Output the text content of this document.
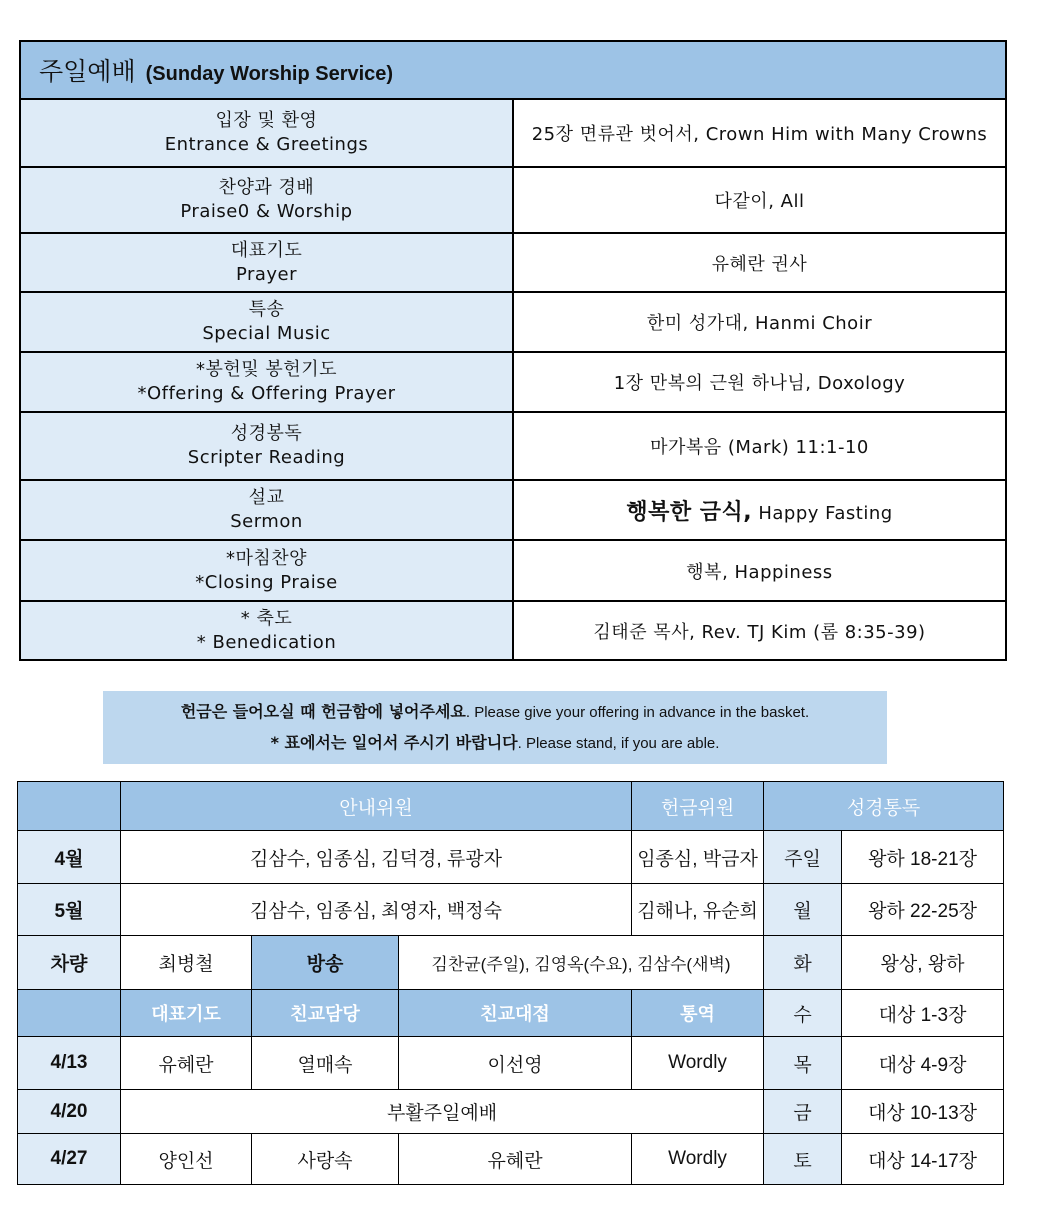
주일예배 (Sunday Worship Service)	

입장 및 환영
Entrance & Greetings	25장 면류관 벗어서, Crown Him with Many Crowns

찬양과 경배
Praise0 & Worship	다같이, All

대표기도
Prayer	유혜란 권사

특송
Special Music	한미 성가대, Hanmi Choir

*봉헌및 봉헌기도
*Offering & Offering Prayer	1장 만복의 근원 하나님, Doxology

성경봉독
Scripter Reading	마가복음 (Mark) 11:1-10

설교
Sermon	행복한 금식, Happy Fasting

*마침찬양
*Closing Praise	행복, Happiness

* 축도
* Benedication	김태준 목사, Rev. TJ Kim (롬 8:35-39)
헌금은 들어오실 때 헌금함에 넣어주세요. Please give your offering in advance in the basket.
* 표에서는 일어서 주시기 바랍니다. Please stand, if you are able.
	안내위원			헌금위원	성경통독	
4월	김삼수, 임종심, 김덕경, 류광자			임종심, 박금자	주일	왕하 18-21장
5월	김삼수, 임종심, 최영자, 백정숙			김해나, 유순희	월	왕하 22-25장
차량	최병철	방송	김찬균(주일), 김영옥(수요), 김삼수(새벽)		화	왕상, 왕하
	대표기도	친교담당	친교대접	통역	수	대상 1-3장
4/13	유혜란	열매속	이선영	Wordly	목	대상 4-9장
4/20	부활주일예배				금	대상 10-13장
4/27	양인선	사랑속	유혜란	Wordly	토	대상 14-17장
